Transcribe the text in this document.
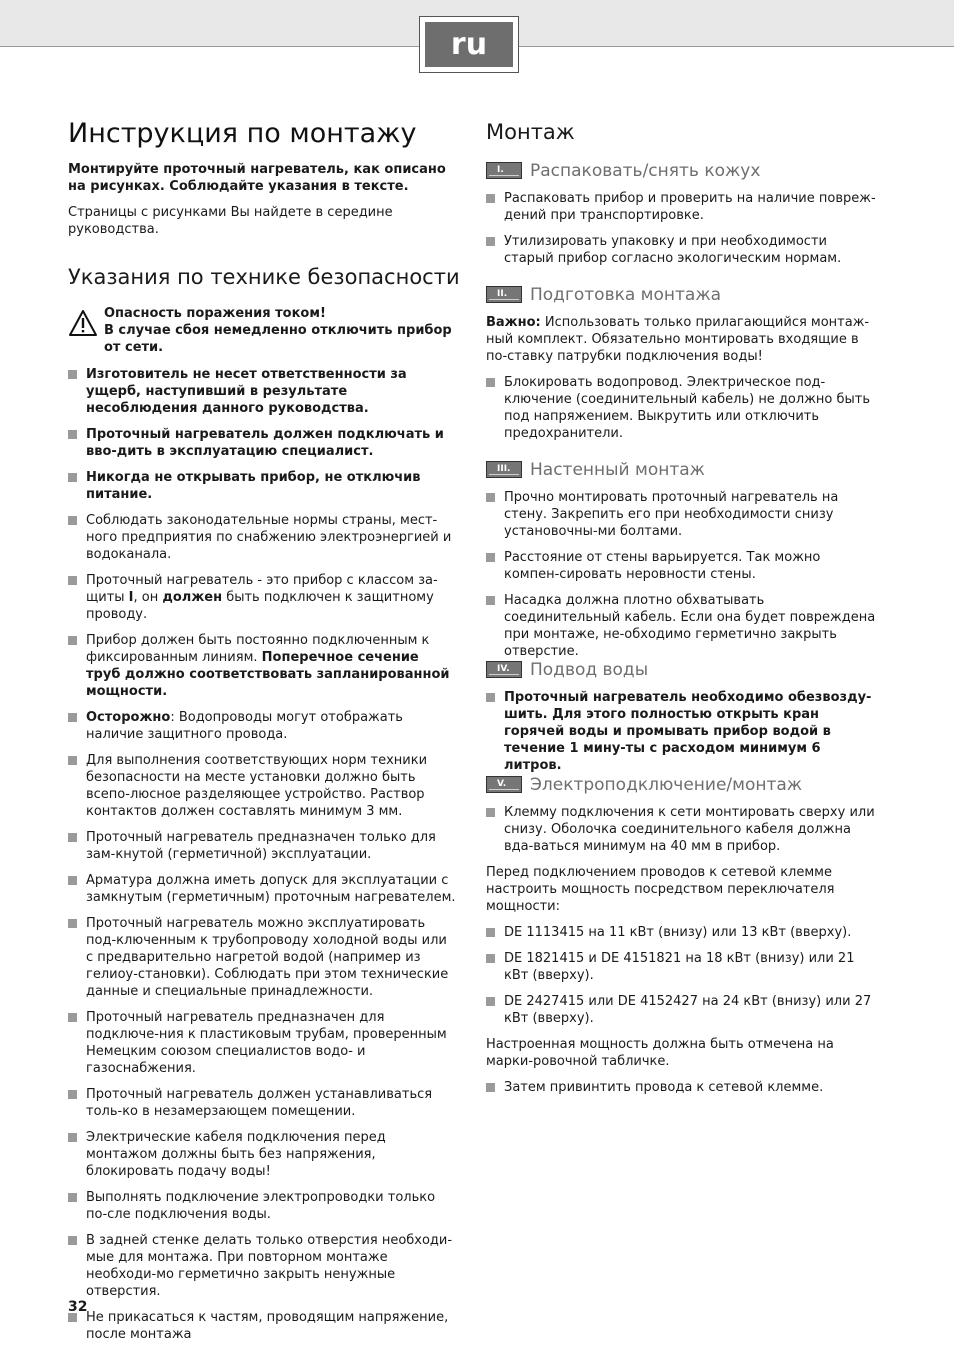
ru
Инструкция по монтажу

Монтируйте проточный нагреватель, как описано на рисунках. Соблюдайте указания в тексте.

Страницы с рисунками Вы найдете в середине руководства.

Указания по технике безопасности
Опасность поражения током!
В случае сбоя немедленно отключить прибор от сети.
Изготовитель не несет ответственности за ущерб, наступивший в результате несоблюдения данного руководства.
Проточный нагреватель должен подключать и вво-дить в эксплуатацию специалист.
Никогда не открывать прибор, не отключив питание.
Соблюдать законодательные нормы страны, мест-ного предприятия по снабжению электроэнергией и водоканала.
Проточный нагреватель - это прибор с классом за-щиты I, он должен быть подключен к защитному проводу.
Прибор должен быть постоянно подключенным к фиксированным линиям. Поперечное сечение труб должно соответствовать запланированной мощности.
Осторожно: Водопроводы могут отображать наличие защитного провода.
Для выполнения соответствующих норм техники безопасности на месте установки должно быть всепо-люсное разделяющее устройство. Раствор контактов должен составлять минимум 3 мм.
Проточный нагреватель предназначен только для зам-кнутой (герметичной) эксплуатации.
Арматура должна иметь допуск для эксплуатации с замкнутым (герметичным) проточным нагревателем.
Проточный нагреватель можно эксплуатировать под-ключенным к трубопроводу холодной воды или с предварительно нагретой водой (например из гелиоу-становки). Соблюдать при этом технические данные и специальные принадлежности.
Проточный нагреватель предназначен для подключе-ния к пластиковым трубам, проверенным Немецким союзом специалистов водо- и газоснабжения.
Проточный нагреватель должен устанавливаться толь-ко в незамерзающем помещении.
Электрические кабеля подключения перед монтажом должны быть без напряжения, блокировать подачу воды!
Выполнять подключение электропроводки только по-сле подключения воды.
В задней стенке делать только отверстия необходи-мые для монтажа. При повторном монтаже необходи-мо герметично закрыть ненужные отверстия.
Не прикасаться к частям, проводящим напряжение, после монтажа
32
Монтаж
I.	Распаковать/снять кожух
Распаковать прибор и проверить на наличие повреж-дений при транспортировке.
Утилизировать упаковку и при необходимости старый прибор согласно экологическим нормам.
II.	Подготовка монтажа

Важно: Использовать только прилагающийся монтаж-ный комплект. Обязательно монтировать входящие в по-ставку патрубки подключения воды!

Блокировать водопровод. Электрическое под-ключение (соединительный кабель) не должно быть под напряжением. Выкрутить или отключить предохранители.
III.	Настенный монтаж
Прочно монтировать проточный нагреватель на стену. Закрепить его при необходимости снизу установочны-ми болтами.
Расстояние от стены варьируется. Так можно компен-сировать неровности стены.
Насадка должна плотно обхватывать соединительный кабель. Если она будет повреждена при монтаже, не-обходимо герметично закрыть отверстие.
IV.	Подвод воды
Проточный нагреватель необходимо обезвозду-шить. Для этого полностью открыть кран горячей воды и промывать прибор водой в течение 1 мину-ты с расходом минимум 6 литров.
V.	Электроподключение/монтаж
Клемму подключения к сети монтировать сверху или снизу. Оболочка соединительного кабеля должна вда-ваться минимум на 40 мм в прибор.

Перед подключением проводов к сетевой клемме настроить мощность посредством переключателя мощности:

DE 1113415 на 11 кВт (внизу) или 13 кВт (вверху).
DE 1821415 и DE 4151821 на 18 кВт (внизу) или 21 кВт (вверху).
DE 2427415 или DE 4152427 на 24 кВт (внизу) или 27 кВт (вверху).

Настроенная мощность должна быть отмечена на марки-ровочной табличке.

Затем привинтить провода к сетевой клемме.
